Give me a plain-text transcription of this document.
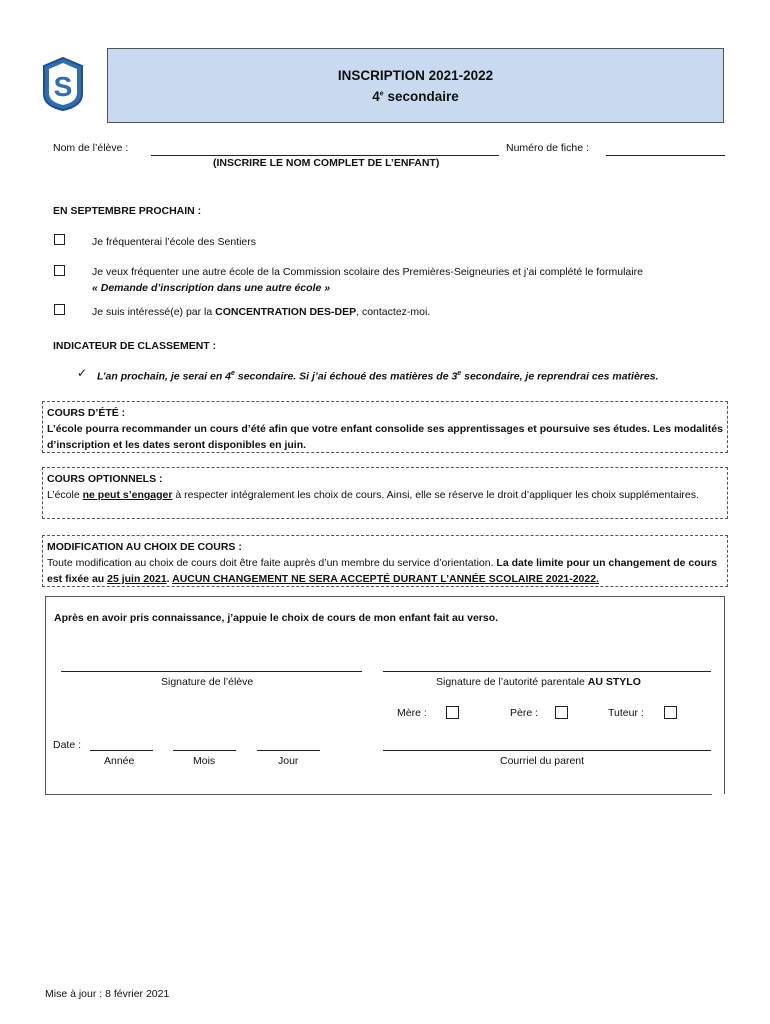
S	INSCRIPTION 2021-2022
4e secondaire
Nom de l’élève :	Numéro de fiche :
(INSCRIRE LE NOM COMPLET DE L’ENFANT)
EN SEPTEMBRE PROCHAIN :
Je fréquenterai l’école des Sentiers
Je veux fréquenter une autre école de la Commission scolaire des Premières-Seigneuries et j’ai complété le formulaire
« Demande d’inscription dans une autre école »
Je suis intéressé(e) par la CONCENTRATION DES-DEP, contactez-moi.
INDICATEUR DE CLASSEMENT :
✓ L’an prochain, je serai en 4e secondaire. Si j’ai échoué des matières de 3e secondaire, je reprendrai ces matières.
COURS D’ÉTÉ :
L’école pourra recommander un cours d’été afin que votre enfant consolide ses apprentissages et poursuive ses études. Les modalités d’inscription et les dates seront disponibles en juin.
COURS OPTIONNELS :
L’école ne peut s’engager à respecter intégralement les choix de cours. Ainsi, elle se réserve le droit d’appliquer les choix supplémentaires.
MODIFICATION AU CHOIX DE COURS :
Toute modification au choix de cours doit être faite auprès d’un membre du service d’orientation. La date limite pour un changement de cours est fixée au 25 juin 2021. AUCUN CHANGEMENT NE SERA ACCEPTÉ DURANT L’ANNÉE SCOLAIRE 2021-2022.
Après en avoir pris connaissance, j’appuie le choix de cours de mon enfant fait au verso.
Signature de l’élève	Signature de l’autorité parentale AU STYLO
Mère :	Père :	Tuteur :
Date :
Année	Mois	Jour	Courriel du parent
Mise à jour : 8 février 2021
